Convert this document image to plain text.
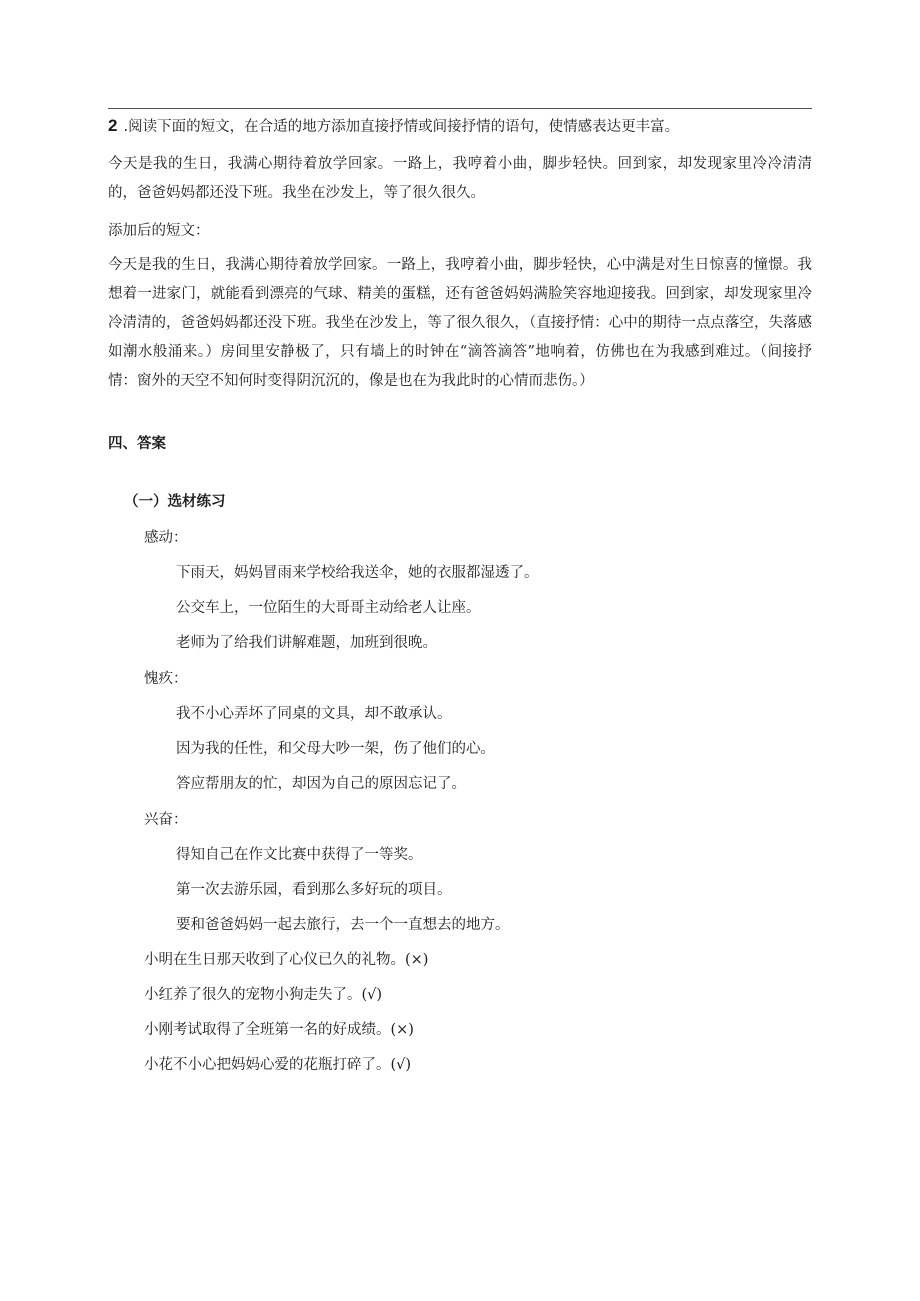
2 .阅读下面的短文，在合适的地方添加直接抒情或间接抒情的语句，使情感表达更丰富。

今天是我的生日，我满心期待着放学回家。一路上，我哼着小曲，脚步轻快。回到家，却发现家里冷冷清清的，爸爸妈妈都还没下班。我坐在沙发上，等了很久很久。

添加后的短文：

今天是我的生日，我满心期待着放学回家。一路上，我哼着小曲，脚步轻快，心中满是对生日惊喜的憧憬。我想着一进家门，就能看到漂亮的气球、精美的蛋糕，还有爸爸妈妈满脸笑容地迎接我。回到家，却发现家里冷冷清清的，爸爸妈妈都还没下班。我坐在沙发上，等了很久很久，（直接抒情：心中的期待一点点落空，失落感如潮水般涌来。）房间里安静极了，只有墙上的时钟在“滴答滴答”地响着，仿佛也在为我感到难过。（间接抒情：窗外的天空不知何时变得阴沉沉的，像是也在为我此时的心情而悲伤。）

四、答案
（一）选材练习
感动：
下雨天，妈妈冒雨来学校给我送伞，她的衣服都湿透了。
公交车上，一位陌生的大哥哥主动给老人让座。
老师为了给我们讲解难题，加班到很晚。
愧疚：
我不小心弄坏了同桌的文具，却不敢承认。
因为我的任性，和父母大吵一架，伤了他们的心。
答应帮朋友的忙，却因为自己的原因忘记了。
兴奋：
得知自己在作文比赛中获得了一等奖。
第一次去游乐园，看到那么多好玩的项目。
要和爸爸妈妈一起去旅行，去一个一直想去的地方。
小明在生日那天收到了心仪已久的礼物。(×)
小红养了很久的宠物小狗走失了。(√)
小刚考试取得了全班第一名的好成绩。(×)
小花不小心把妈妈心爱的花瓶打碎了。(√)
